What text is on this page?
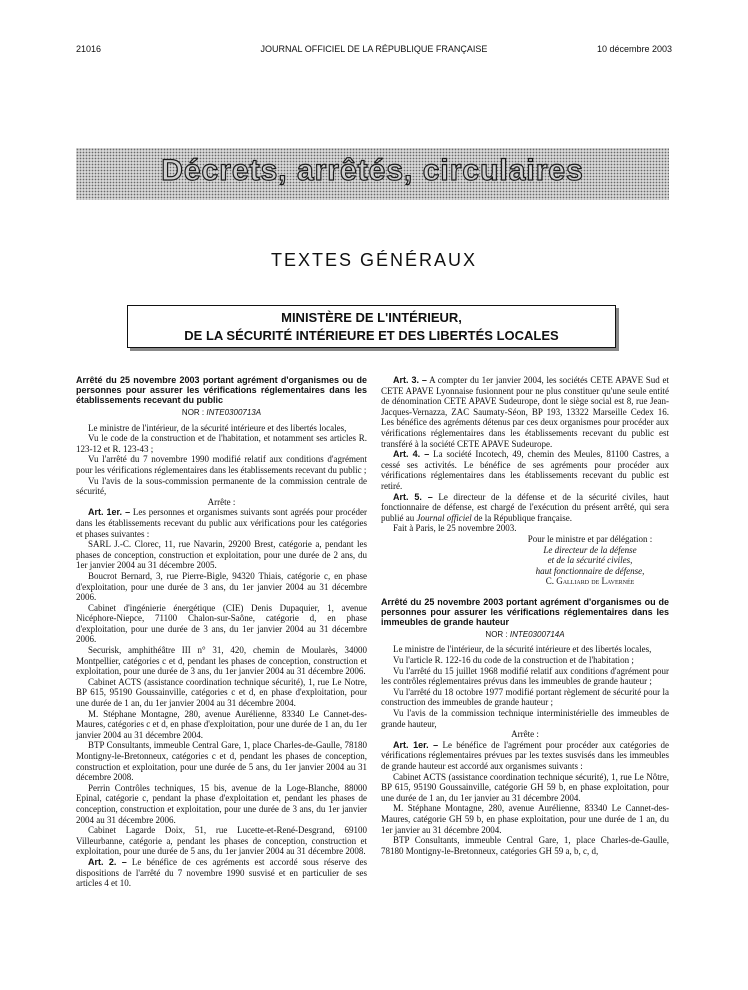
21016	JOURNAL OFFICIEL DE LA RÉPUBLIQUE FRANÇAISE	10 décembre 2003
Décrets, arrêtés, circulaires
TEXTES GÉNÉRAUX
MINISTÈRE DE L'INTÉRIEUR,
DE LA SÉCURITÉ INTÉRIEURE ET DES LIBERTÉS LOCALES

Arrêté du 25 novembre 2003 portant agrément d'organismes ou de personnes pour assurer les vérifications réglementaires dans les établissements recevant du public

NOR : INTE0300713A

Le ministre de l'intérieur, de la sécurité intérieure et des libertés locales,

Vu le code de la construction et de l'habitation, et notamment ses articles R. 123-12 et R. 123-43 ;

Vu l'arrêté du 7 novembre 1990 modifié relatif aux conditions d'agrément pour les vérifications réglementaires dans les établissements recevant du public ;

Vu l'avis de la sous-commission permanente de la commission centrale de sécurité,

Arrête :

Art. 1er. – Les personnes et organismes suivants sont agréés pour procéder dans les établissements recevant du public aux vérifications pour les catégories et phases suivantes :

SARL J.-C. Clorec, 11, rue Navarin, 29200 Brest, catégorie a, pendant les phases de conception, construction et exploitation, pour une durée de 2 ans, du 1er janvier 2004 au 31 décembre 2005.

Boucrot Bernard, 3, rue Pierre-Bigle, 94320 Thiais, catégorie c, en phase d'exploitation, pour une durée de 3 ans, du 1er janvier 2004 au 31 décembre 2006.

Cabinet d'ingénierie énergétique (CIE) Denis Dupaquier, 1, avenue Nicéphore-Niepce, 71100 Chalon-sur-Saône, catégorie d, en phase d'exploitation, pour une durée de 3 ans, du 1er janvier 2004 au 31 décembre 2006.

Securisk, amphithéâtre III n° 31, 420, chemin de Moularès, 34000 Montpellier, catégories c et d, pendant les phases de conception, construction et exploitation, pour une durée de 3 ans, du 1er janvier 2004 au 31 décembre 2006.

Cabinet ACTS (assistance coordination technique sécurité), 1, rue Le Notre, BP 615, 95190 Goussainville, catégories c et d, en phase d'exploitation, pour une durée de 1 an, du 1er janvier 2004 au 31 décembre 2004.

M. Stéphane Montagne, 280, avenue Aurélienne, 83340 Le Cannet-des-Maures, catégories c et d, en phase d'exploitation, pour une durée de 1 an, du 1er janvier 2004 au 31 décembre 2004.

BTP Consultants, immeuble Central Gare, 1, place Charles-de-Gaulle, 78180 Montigny-le-Bretonneux, catégories c et d, pendant les phases de conception, construction et exploitation, pour une durée de 5 ans, du 1er janvier 2004 au 31 décembre 2008.

Perrin Contrôles techniques, 15 bis, avenue de la Loge-Blanche, 88000 Epinal, catégorie c, pendant la phase d'exploitation et, pendant les phases de conception, construction et exploitation, pour une durée de 3 ans, du 1er janvier 2004 au 31 décembre 2006.

Cabinet Lagarde Doix, 51, rue Lucette-et-René-Desgrand, 69100 Villeurbanne, catégorie a, pendant les phases de conception, construction et exploitation, pour une durée de 5 ans, du 1er janvier 2004 au 31 décembre 2008.

Art. 2. – Le bénéfice de ces agréments est accordé sous réserve des dispositions de l'arrêté du 7 novembre 1990 susvisé et en particulier de ses articles 4 et 10.

Art. 3. – A compter du 1er janvier 2004, les sociétés CETE APAVE Sud et CETE APAVE Lyonnaise fusionnent pour ne plus constituer qu'une seule entité de dénomination CETE APAVE Sudeurope, dont le siège social est 8, rue Jean-Jacques-Vernazza, ZAC Saumaty-Séon, BP 193, 13322 Marseille Cedex 16. Les bénéfice des agréments détenus par ces deux organismes pour procéder aux vérifications réglementaires dans les établissements recevant du public est transféré à la société CETE APAVE Sudeurope.

Art. 4. – La société Incotech, 49, chemin des Meules, 81100 Castres, a cessé ses activités. Le bénéfice de ses agréments pour procéder aux vérifications réglementaires dans les établissements recevant du public est retiré.

Art. 5. – Le directeur de la défense et de la sécurité civiles, haut fonctionnaire de défense, est chargé de l'exécution du présent arrêté, qui sera publié au Journal officiel de la République française.

Fait à Paris, le 25 novembre 2003.

Pour le ministre et par délégation :

Le directeur de la défense

et de la sécurité civiles,

haut fonctionnaire de défense,

C. Galliard de Lavernée

Arrêté du 25 novembre 2003 portant agrément d'organismes ou de personnes pour assurer les vérifications réglementaires dans les immeubles de grande hauteur

NOR : INTE0300714A

Le ministre de l'intérieur, de la sécurité intérieure et des libertés locales,

Vu l'article R. 122-16 du code de la construction et de l'habitation ;

Vu l'arrêté du 15 juillet 1968 modifié relatif aux conditions d'agrément pour les contrôles réglementaires prévus dans les immeubles de grande hauteur ;

Vu l'arrêté du 18 octobre 1977 modifié portant règlement de sécurité pour la construction des immeubles de grande hauteur ;

Vu l'avis de la commission technique interministérielle des immeubles de grande hauteur,

Arrête :

Art. 1er. – Le bénéfice de l'agrément pour procéder aux catégories de vérifications réglementaires prévues par les textes susvisés dans les immeubles de grande hauteur est accordé aux organismes suivants :

Cabinet ACTS (assistance coordination technique sécurité), 1, rue Le Nôtre, BP 615, 95190 Goussainville, catégorie GH 59 b, en phase exploitation, pour une durée de 1 an, du 1er janvier au 31 décembre 2004.

M. Stéphane Montagne, 280, avenue Aurélienne, 83340 Le Cannet-des-Maures, catégorie GH 59 b, en phase exploitation, pour une durée de 1 an, du 1er janvier au 31 décembre 2004.

BTP Consultants, immeuble Central Gare, 1, place Charles-de-Gaulle, 78180 Montigny-le-Bretonneux, catégories GH 59 a, b, c, d,
